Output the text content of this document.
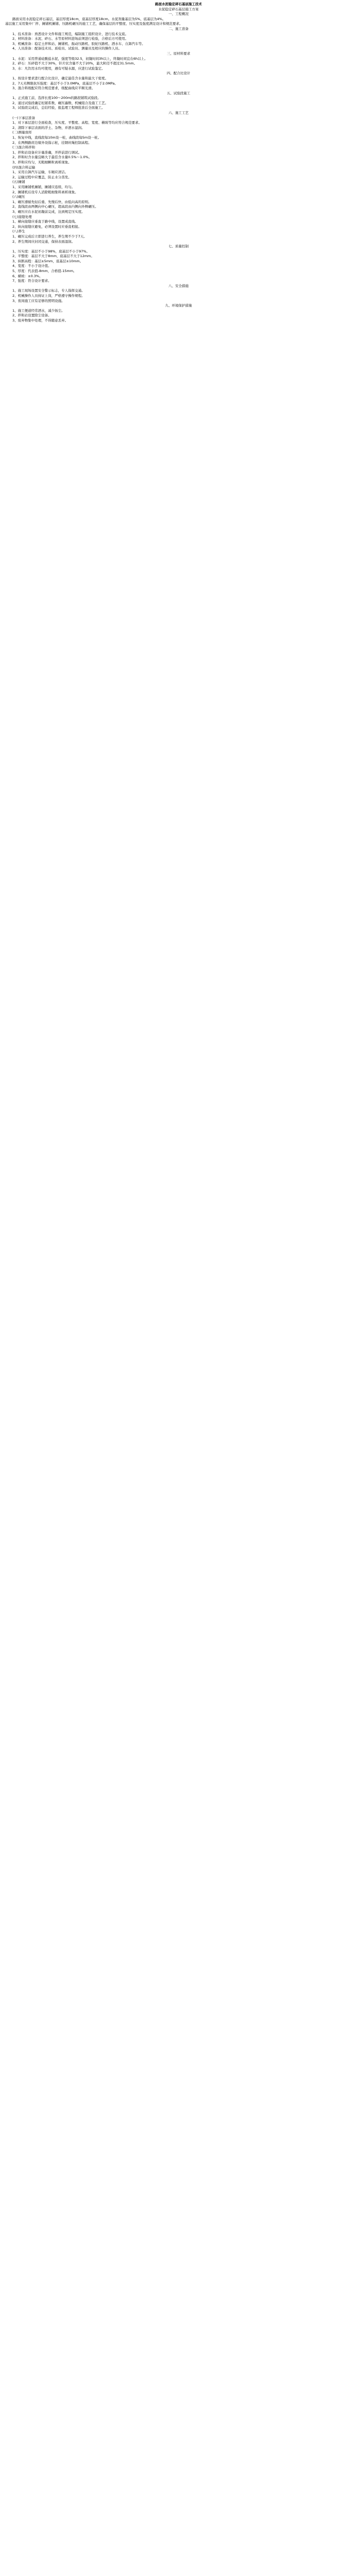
路面水泥稳定碎石基层施工技术
水泥稳定碎石基层施工方案
一、工程概况
路面采用水泥稳定碎石基层，基层厚度18cm，底基层厚度18cm。水泥剂量基层为5%，底基层为4%。
基层施工采用集中厂拌、摊铺机摊铺、压路机碾压的施工工艺，确保基层的平整度、压实度及强度满足设计和规范要求。
二、施工准备
1、技术准备：熟悉设计文件和施工规范，编制施工组织设计，进行技术交底。
2、材料准备：水泥、碎石、水等原材料进场前须进行检验，合格后方可使用。
3、机械准备：稳定土拌和站、摊铺机、振动压路机、胶轮压路机、洒水车、自卸汽车等。
4、人员准备：配备技术员、质检员、试验员、测量员及相应的操作人员。
三、原材料要求
1、水泥：采用普通硅酸盐水泥，强度等级32.5，初凝时间3h以上，终凝时间宜在6h以上。
2、碎石：压碎值不大于30%，针片状含量不大于20%，最大粒径不超过31.5mm。
3、水：凡饮用水均可使用，遇有可疑水源，应进行试验鉴定。
四、配合比设计
1、按设计要求进行配合比设计，确定最佳含水量和最大干密度。
2、7天无侧限抗压强度：基层不小于3.0MPa，底基层不小于2.0MPa。
3、混合料级配应符合规范要求，级配曲线应平顺光滑。
五、试验段施工
1、正式施工前，选择长度100～200m的路段铺筑试验段。
2、通过试验段确定松铺系数、碾压遍数、机械组合及施工工艺。
3、试验段完成后，总结经验，报监理工程师批准后全面施工。
六、施工工艺
(一)下承层准备
1、对下承层进行全面检查，压实度、平整度、高程、宽度、横坡等均应符合规范要求。
2、清除下承层表面的浮土、杂物，并洒水湿润。
(二)测量放样
1、恢复中线，直线段每10m设一桩，曲线段每5m设一桩。
2、在两侧路肩边缘外设指示桩，挂钢丝绳控制高程。
(三)混合料拌和
1、拌和站设备应计量准确，开拌前进行调试。
2、拌和时含水量宜略大于最佳含水量0.5%～1.0%。
3、拌和应均匀，无粗细颗粒离析现象。
(四)混合料运输
1、采用自卸汽车运输，车厢应清洁。
2、运输过程中应覆盖，防止水分蒸发。
(五)摊铺
1、采用摊铺机摊铺，摊铺应连续、均匀。
2、摊铺机后设专人消除粗细集料离析现象。
(六)碾压
1、碾压遵循先轻后重、先慢后快、由低向高的原则。
2、直线段由两侧向中心碾压，超高段由内侧向外侧碾压。
3、碾压应在水泥初凝前完成，达到规定压实度。
(七)接缝处理
1、横向接缝应垂直于路中线，设置成直线。
2、纵向接缝应避免，必须设置时应垂直相接。
(八)养生
1、碾压完成后立即进行养生，养生期不少于7天。
2、养生期间应封闭交通，保持表面湿润。
七、质量控制
1、压实度：基层不小于98%，底基层不小于97%。
2、平整度：基层不大于8mm，底基层不大于12mm。
3、纵断高程：基层±5mm，底基层±10mm。
4、宽度：不小于设计值。
5、厚度：代表值-8mm，合格值-15mm。
6、横坡：±0.3%。
7、强度：符合设计要求。
八、安全措施
1、施工现场设置安全警示标志，专人指挥交通。
2、机械操作人员持证上岗，严格遵守操作规程。
3、夜间施工应有足够的照明设施。
九、环境保护措施
1、施工便道经常洒水，减少扬尘。
2、拌和站设置除尘设备。
3、废弃物集中处理，不得随意丢弃。
